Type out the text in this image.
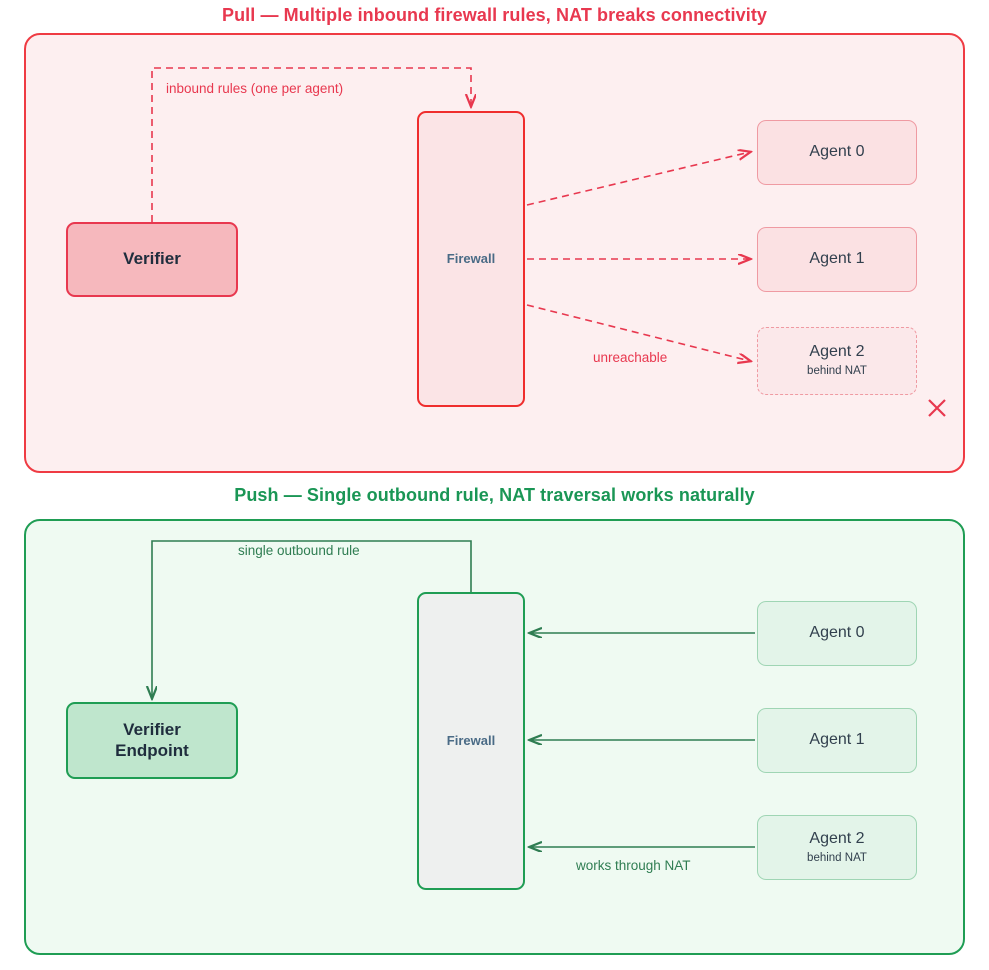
Pull — Multiple inbound firewall rules, NAT breaks connectivity
Verifier	Firewall
Agent 0
Agent 1
Agent 2
behind NAT
inbound rules (one per agent)
unreachable
Push — Single outbound rule, NAT traversal works naturally
Verifier
Endpoint	Firewall
Agent 0
Agent 1
Agent 2
behind NAT
single outbound rule
works through NAT
